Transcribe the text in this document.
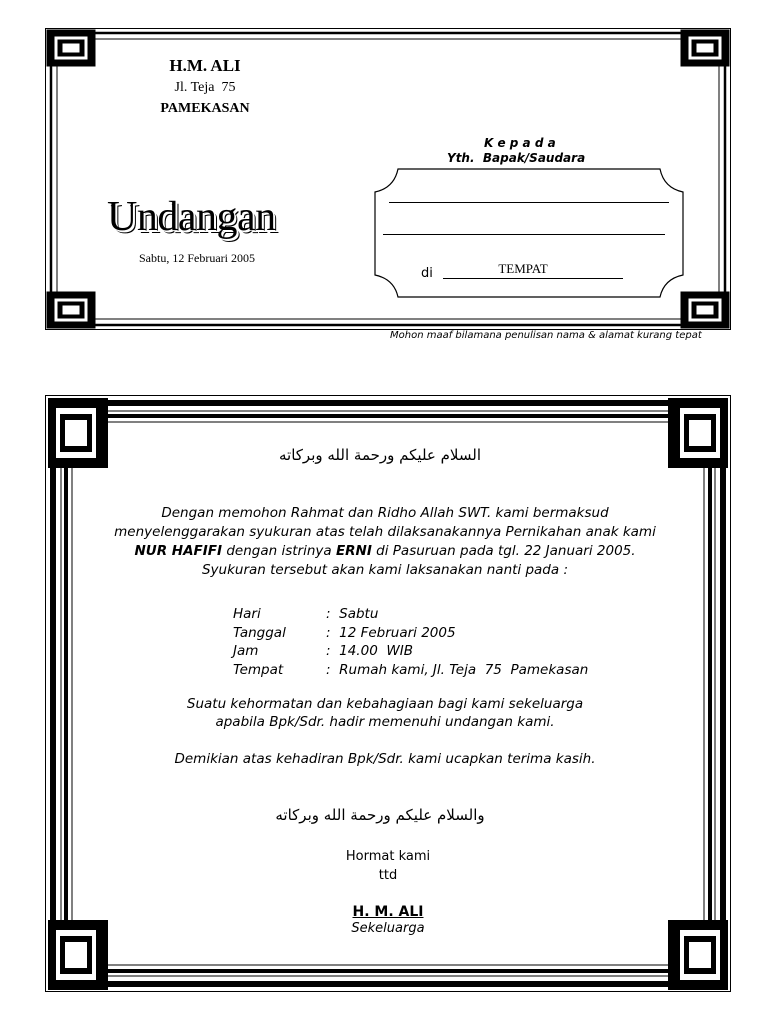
H.M. ALI
Jl. Teja  75
PAMEKASAN
Undangan
Sabtu, 12 Februari 2005
K e p a d a
Yth.  Bapak/Saudara
di	TEMPAT
Mohon maaf bilamana penulisan nama & alamat kurang tepat
السلام عليكم ورحمة الله وبركاته
Dengan memohon Rahmat dan Ridho Allah SWT. kami bermaksud
menyelenggarakan syukuran atas telah dilaksanakannya Pernikahan anak kami
NUR HAFIFI dengan istrinya ERNI di Pasuruan pada tgl. 22 Januari 2005.
Syukuran tersebut akan kami laksanakan nanti pada :
Hari	:  Sabtu
Tanggal	:  12 Februari 2005
Jam	:  14.00  WIB
Tempat	:  Rumah kami, Jl. Teja  75  Pamekasan
Suatu kehormatan dan kebahagiaan bagi kami sekeluarga
apabila Bpk/Sdr. hadir memenuhi undangan kami.
Demikian atas kehadiran Bpk/Sdr. kami ucapkan terima kasih.
والسلام عليكم ورحمة الله وبركاته
Hormat kami
ttd
H. M. ALI
Sekeluarga
